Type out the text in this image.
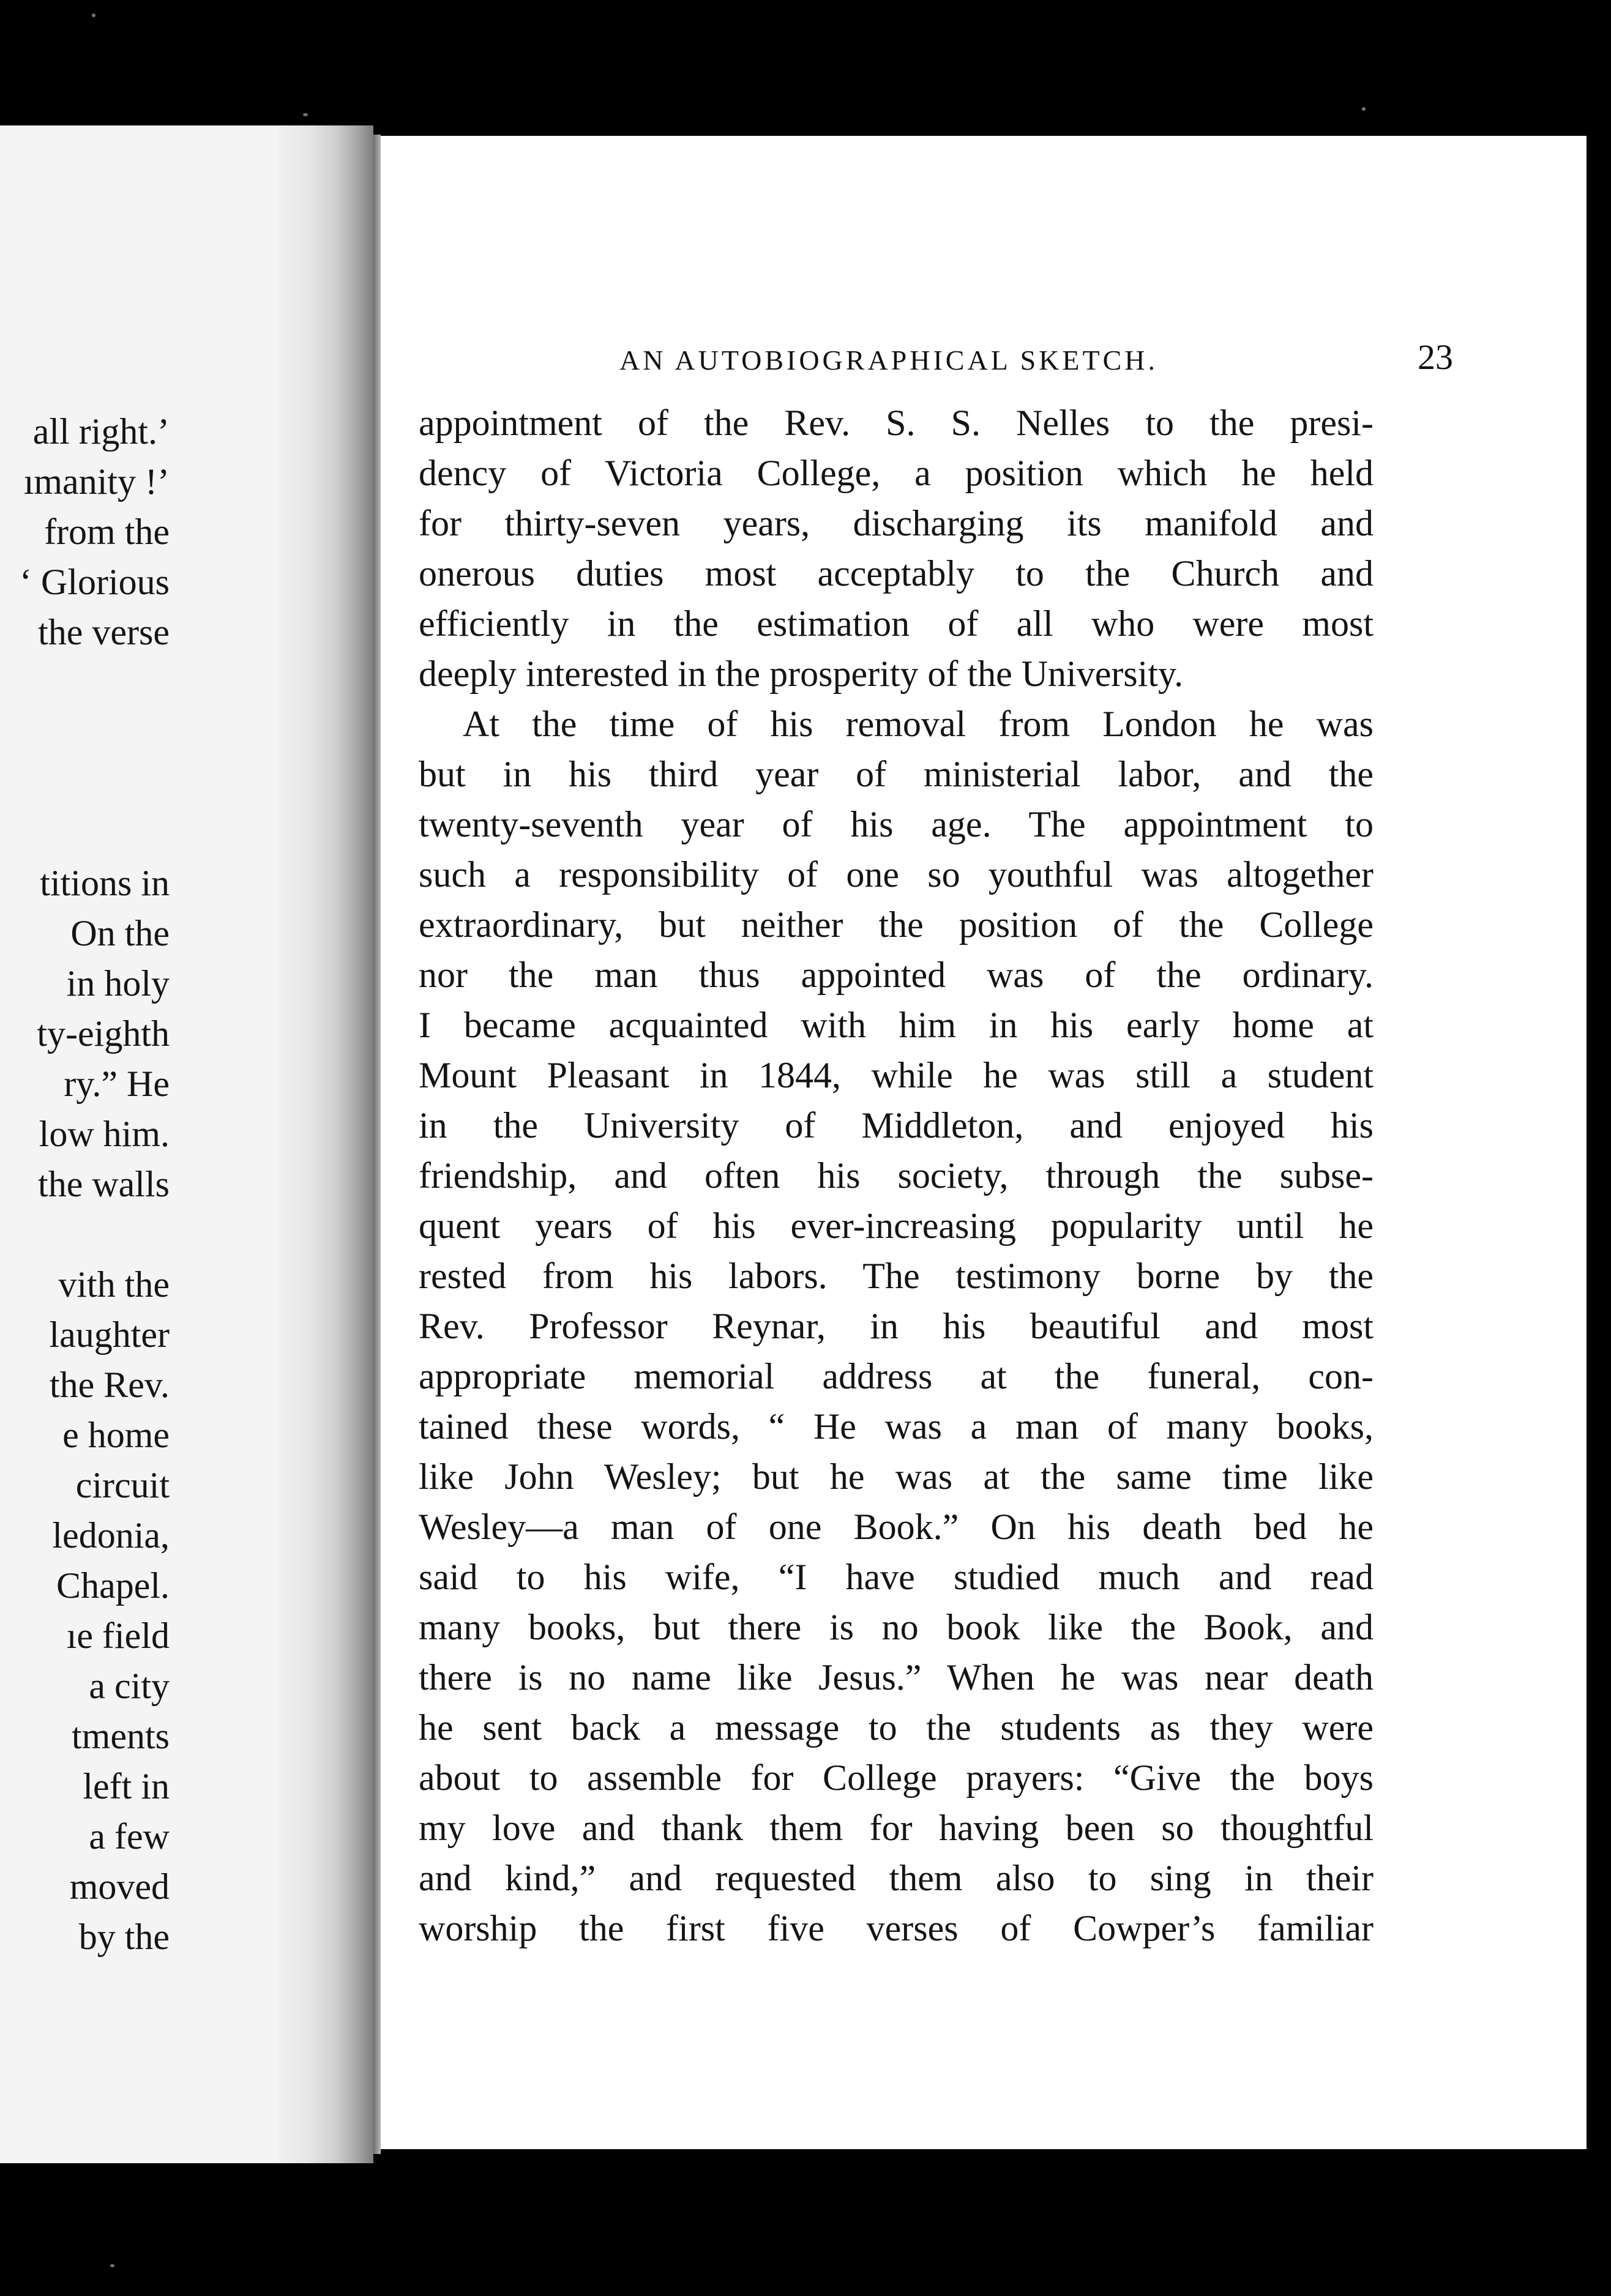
all right.’
ımanity !’
from the
‘ Glorious
the verse
titions in
On the
in holy
ty-eighth
ry.” He
low him.
the walls
vith the
laughter
the Rev.
e home
circuit
ledonia,
Chapel.
ıe field
a city
tments
left in
a few
moved
by the
AN AUTOBIOGRAPHICAL SKETCH.	23
appointment of the Rev. S. S. Nelles to the presi-
dency of Victoria College, a position which he held
for thirty-seven years, discharging its manifold and
onerous duties most acceptably to the Church and
efficiently in the estimation of all who were most
deeply interested in the prosperity of the University.
At the time of his removal from London he was
but in his third year of ministerial labor, and the
twenty-seventh year of his age. The appointment to
such a responsibility of one so youthful was altogether
extraordinary, but neither the position of the College
nor the man thus appointed was of the ordinary.
I became acquainted with him in his early home at
Mount Pleasant in 1844, while he was still a student
in the University of Middleton, and enjoyed his
friendship, and often his society, through the subse-
quent years of his ever-increasing popularity until he
rested from his labors. The testimony borne by the
Rev. Professor Reynar, in his beautiful and most
appropriate memorial address at the funeral, con-
tained these words, “ He was a man of many books,
like John Wesley; but he was at the same time like
Wesley—a man of one Book.” On his death bed he
said to his wife, “I have studied much and read
many books, but there is no book like the Book, and
there is no name like Jesus.” When he was near death
he sent back a message to the students as they were
about to assemble for College prayers: “Give the boys
my love and thank them for having been so thoughtful
and kind,” and requested them also to sing in their
worship the first five verses of Cowper’s familiar
